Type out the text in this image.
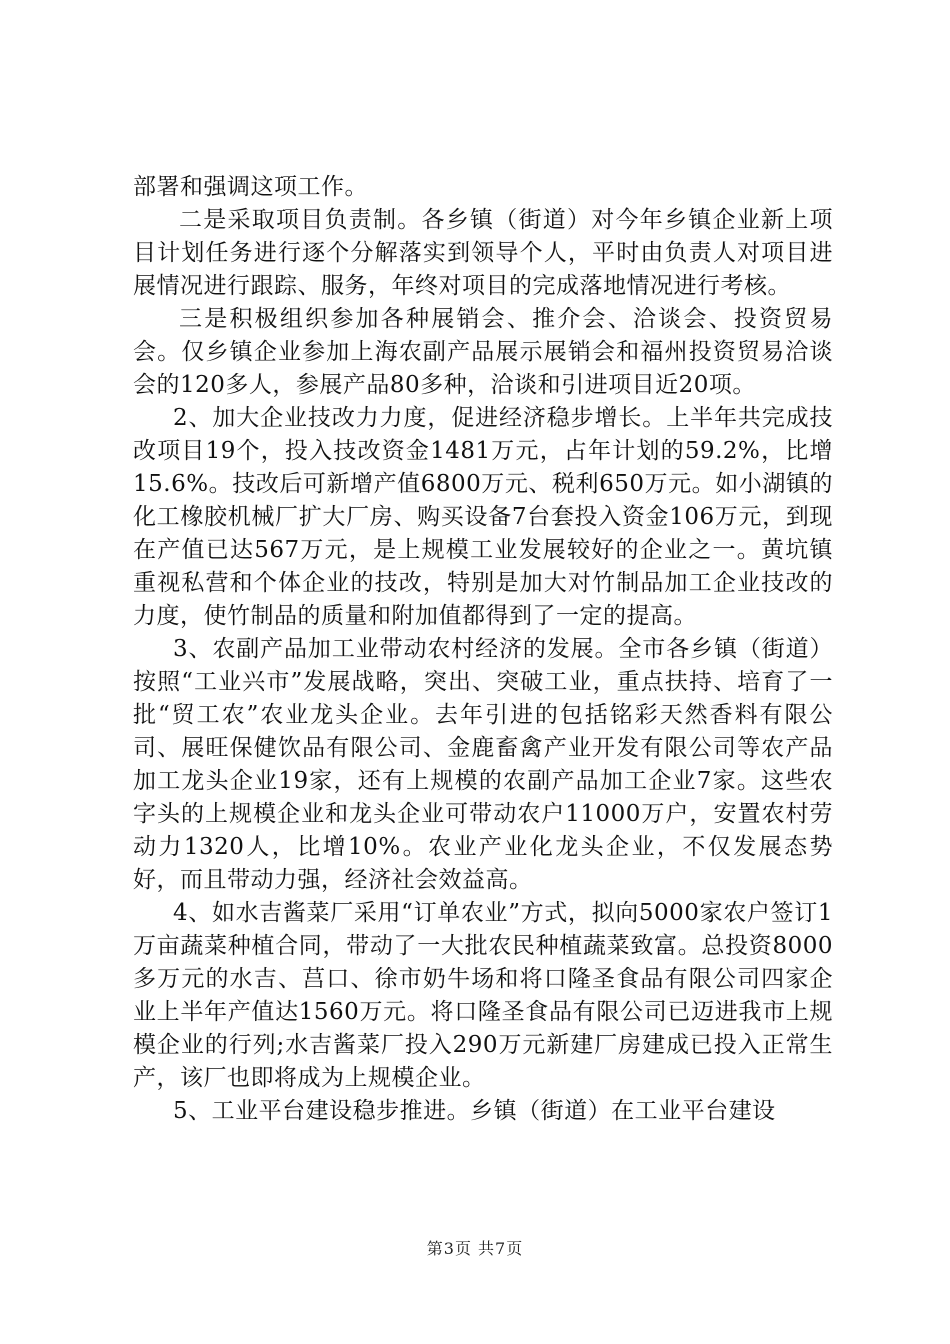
部署和强调这项工作。

二是采取项目负责制。各乡镇（街道）对今年乡镇企业新上项目计划任务进行逐个分解落实到领导个人，平时由负责人对项目进展情况进行跟踪、服务，年终对项目的完成落地情况进行考核。

三是积极组织参加各种展销会、推介会、洽谈会、投资贸易会。仅乡镇企业参加上海农副产品展示展销会和福州投资贸易洽谈会的120多人，参展产品80多种，洽谈和引进项目近20项。

2、加大企业技改力力度，促进经济稳步增长。上半年共完成技改项目19个，投入技改资金1481万元，占年计划的59.2%，比增15.6%。技改后可新增产值6800万元、税利650万元。如小湖镇的化工橡胶机械厂扩大厂房、购买设备7台套投入资金106万元，到现在产值已达567万元，是上规模工业发展较好的企业之一。黄坑镇重视私营和个体企业的技改，特别是加大对竹制品加工企业技改的力度，使竹制品的质量和附加值都得到了一定的提高。

3、农副产品加工业带动农村经济的发展。全市各乡镇（街道）按照“工业兴市”发展战略，突出、突破工业，重点扶持、培育了一批“贸工农”农业龙头企业。去年引进的包括铭彩天然香料有限公司、展旺保健饮品有限公司、金鹿畜禽产业开发有限公司等农产品加工龙头企业19家，还有上规模的农副产品加工企业7家。这些农字头的上规模企业和龙头企业可带动农户11000万户，安置农村劳动力1320人，比增10%。农业产业化龙头企业，不仅发展态势好，而且带动力强，经济社会效益高。

4、如水吉酱菜厂采用“订单农业”方式，拟向5000家农户签订1万亩蔬菜种植合同，带动了一大批农民种植蔬菜致富。总投资8000多万元的水吉、莒口、徐市奶牛场和将口隆圣食品有限公司四家企业上半年产值达1560万元。将口隆圣食品有限公司已迈进我市上规模企业的行列;水吉酱菜厂投入290万元新建厂房建成已投入正常生产，该厂也即将成为上规模企业。

5、工业平台建设稳步推进。乡镇（街道）在工业平台建设

第3页 共7页
